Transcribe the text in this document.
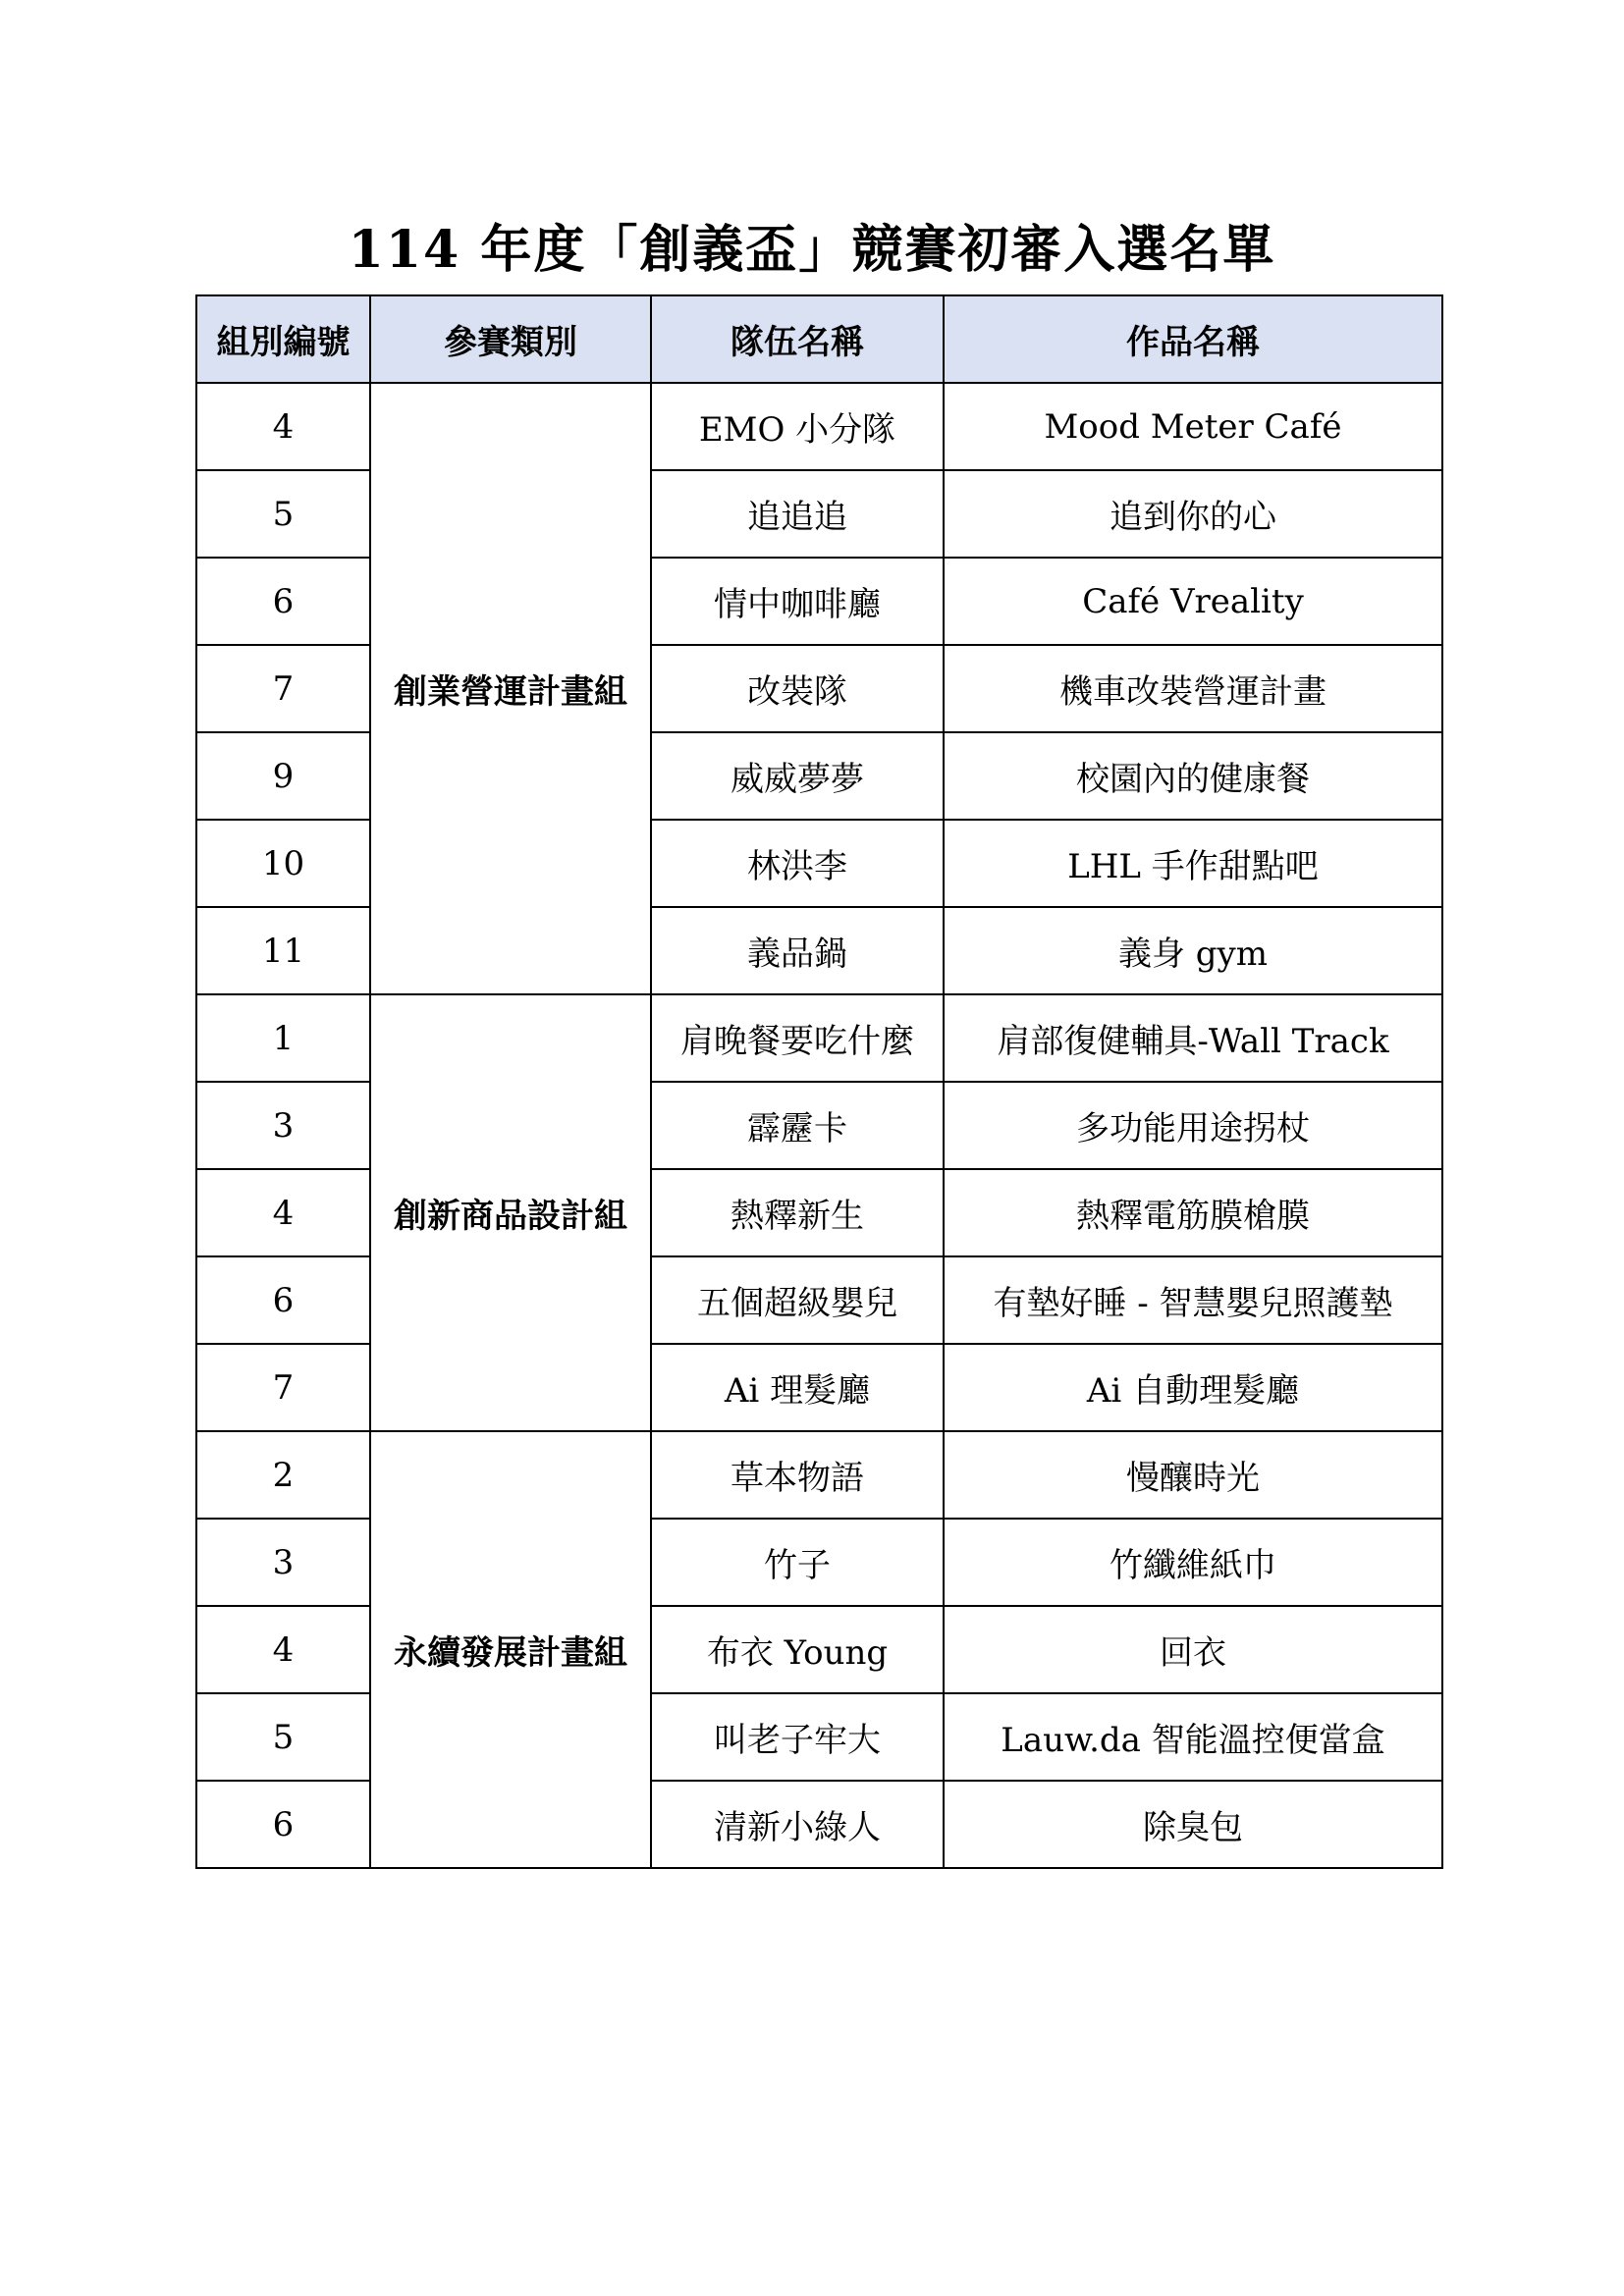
114 年度「創義盃」競賽初審入選名單
組別編號	參賽類別	隊伍名稱	作品名稱
4	創業營運計畫組	EMO 小分隊	Mood Meter Café
5		追追追	追到你的心
6		情中咖啡廳	Café Vreality
7		改裝隊	機車改裝營運計畫
9		威威夢夢	校園內的健康餐
10		林洪李	LHL 手作甜點吧
11		義品鍋	義身 gym
1	創新商品設計組	肩晚餐要吃什麼	肩部復健輔具-Wall Track
3		霹靂卡	多功能用途拐杖
4		熱釋新生	熱釋電筋膜槍膜
6		五個超級嬰兒	有墊好睡 - 智慧嬰兒照護墊
7		Ai 理髮廳	Ai 自動理髮廳
2	永續發展計畫組	草本物語	慢釀時光
3		竹子	竹纖維紙巾
4		布衣 Young	回衣
5		叫老子牢大	Lauw.da 智能溫控便當盒
6		清新小綠人	除臭包
